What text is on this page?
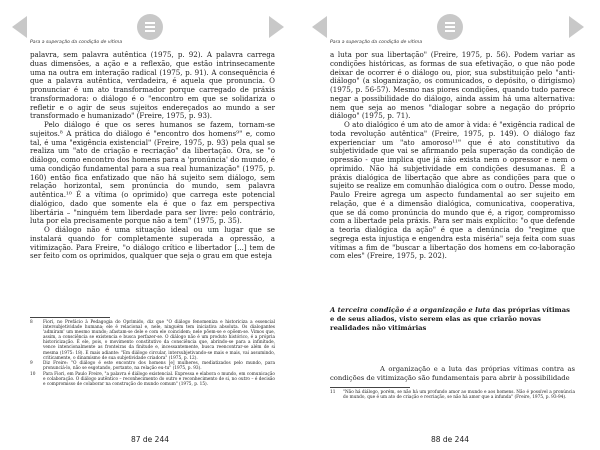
Para a superação da condição de vítima

palavra, sem palavra autêntica (1975, p. 92). A palavra carrega duas dimensões, a ação e a reflexão, que estão intrinsecamente uma na outra em interação radical (1975, p. 91). A consequência é que a palavra autêntica, verdadeira, é aquela que pronuncia. O pronunciar é um ato transformador porque carregado de práxis transformadora: o diálogo é o "encontro em que se solidariza o refletir e o agir de seus sujeitos endereçados ao mundo a ser transformado e humanizado" (Freire, 1975, p. 93).

Pelo diálogo é que os seres humanos se fazem, tornam-se sujeitos.⁸ A prática do diálogo é "encontro dos homens⁹" e, como tal, é uma "exigência existencial" (Freire, 1975, p. 93) pela qual se realiza um "ato de criação e recriação" da libertação. Ora, se "o diálogo, como encontro dos homens para a 'pronúncia' do mundo, é uma condição fundamental para a sua real humanização" (1975, p. 160) então fica enfatizado que não há sujeito sem diálogo, sem relação horizontal, sem pronúncia do mundo, sem palavra autêntica.¹⁰ É a vítima (o oprimido) que carrega este potencial dialógico, dado que somente ela é que o faz em perspectiva libertária – "ninguém tem liberdade para ser livre: pelo contrário, luta por ela precisamente porque não a tem" (1975, p. 35).

O diálogo não é uma situação ideal ou um lugar que se instalará quando for completamente superada a opressão, a vitimização. Para Freire, "o diálogo crítico e libertador [...] tem de ser feito com os oprimidos, qualquer que seja o grau em que esteja

8	Fiori, no Prefácio à Pedagogia do Oprimido, diz que "O diálogo fenomeniza e historiciza a essencial intersubjetividade humana; ele é relacional e, nele, ninguém tem iniciativa absoluta. Os dialogantes 'admiram' um mesmo mundo; afastam-se dele e com ele coincidem; nele põem-se e opõem-se. Vimos que, assim, a consciência se existencia e busca perfazer-se. O diálogo não é um produto histórico, é a própria historicização. É ele, pois, o movimento constitutivo da consciência que, abrindo-se para a infinitude, vence intencionalmente as fronteiras da finitude e, incessantemente, busca reencontrar-se além de si mesma (1975: 18). E mais adiante: "Em diálogo circular, intersubjetivando-se mais e mais, vai assumindo, criticamente, o dinamismo de sua subjetividade criadora" (1975, p. 12).
9	Diz Freire: "O diálogo é este encontro dos homens [e] mulheres, mediatizados pelo mundo, para pronunciá-lo, não se esgotando, portanto, na relação eu-tu" (1975, p. 93).
10	Para Fiori, em Paulo Freire, "a palavra é diálogo existencial. Expressa e elabora o mundo, em comunicação e colaboração. O diálogo autêntico – reconhecimento do outro e reconhecimento de si, no outro – é decisão e compromisso de colaborar na construção do mundo comum" (1975, p. 15).
87 de 244
Para a superação da condição de vítima

a luta por sua libertação" (Freire, 1975, p. 56). Podem variar as condições históricas, as formas de sua efetivação, o que não pode deixar de ocorrer é o diálogo ou, pior, sua substituição pelo "anti-diálogo" (a sloganização, os comunicados, o depósito, o dirigismo) (1975, p. 56-57). Mesmo nas piores condições, quando tudo parece negar a possibilidade do diálogo, ainda assim há uma alternativa: nem que seja ao menos "dialogar sobre a negação do próprio diálogo" (1975, p. 71).

O ato dialógico é um ato de amor à vida: é "exigência radical de toda revolução autêntica" (Freire, 1975, p. 149). O diálogo faz experienciar um "ato amoroso¹¹" que é ato constitutivo da subjetividade que vai se afirmando pela superação da condição de opressão - que implica que já não exista nem o opressor e nem o oprimido. Não há subjetividade em condições desumanas. É a práxis dialógica de libertação que abre as condições para que o sujeito se realize em comunhão dialógica com o outro. Desse modo, Paulo Freire agrega um aspecto fundamental ao ser sujeito em relação, que é a dimensão dialógica, comunicativa, cooperativa, que se dá como pronúncia do mundo que é, a rigor, compromisso com a libertade pela práxis. Para ser mais explícito: "o que defende a teoria dialógica da ação" é que a denúncia do "regime que segrega esta injustiça e engendra esta miséria" seja feita com suas vítimas a fim de "buscar a libertação dos homens em co-laboração com eles" (Freire, 1975, p. 202).

A terceira condição é a organização e luta das próprias vítimas e de seus aliados, visto serem elas as que criarão novas realidades não vitimárias
A organização e a luta das próprias vítimas contra as condições de vitimização são fundamentais para abrir à possibilidade
11	"Não há diálogo, porém, se não há um profundo amor ao mundo e aos homens. Não é possível a pronúncia do mundo, que é um ato de criação e recriação, se não há amor que a infunda" (Freire, 1975, p. 93-94).
88 de 244
